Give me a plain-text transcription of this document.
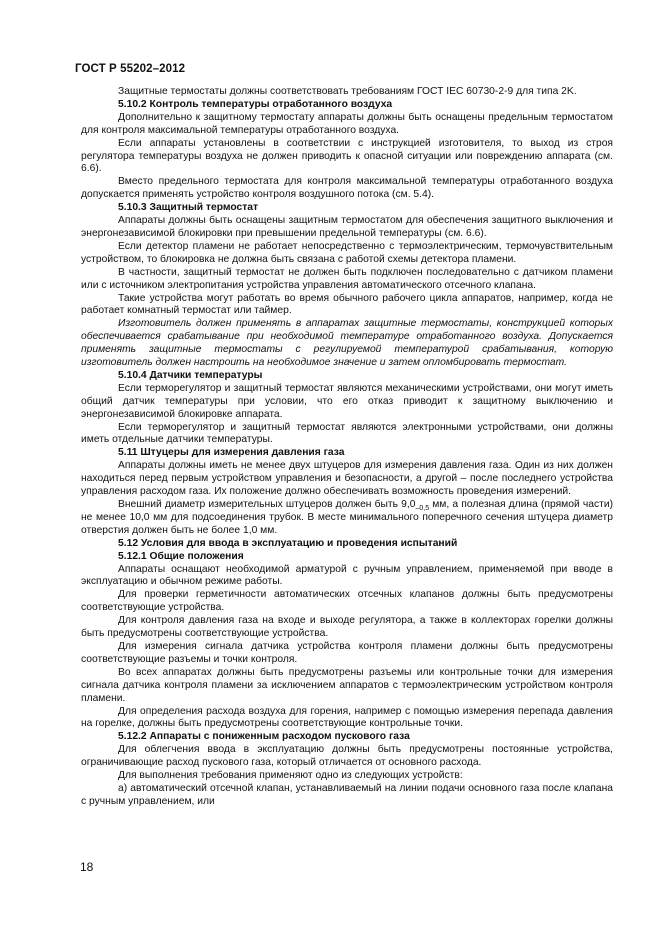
ГОСТ Р 55202–2012

Защитные термостаты должны соответствовать требованиям ГОСТ IEC 60730-2-9 для типа 2K.

5.10.2 Контроль температуры отработанного воздуха

Дополнительно к защитному термостату аппараты должны быть оснащены предельным термостатом для контроля максимальной температуры отработанного воздуха.

Если аппараты установлены в соответствии с инструкцией изготовителя, то выход из строя регулятора температуры воздуха не должен приводить к опасной ситуации или повреждению аппарата (см. 6.6).

Вместо предельного термостата для контроля максимальной температуры отработанного воздуха допускается применять устройство контроля воздушного потока (см. 5.4).

5.10.3 Защитный термостат

Аппараты должны быть оснащены защитным термостатом для обеспечения защитного выключения и энергонезависимой блокировки при превышении предельной температуры (см. 6.6).

Если детектор пламени не работает непосредственно с термоэлектрическим, термочувствительным устройством, то блокировка не должна быть связана с работой схемы детектора пламени.

В частности, защитный термостат не должен быть подключен последовательно с датчиком пламени или с источником электропитания устройства управления автоматического отсечного клапана.

Такие устройства могут работать во время обычного рабочего цикла аппаратов, например, когда не работает комнатный термостат или таймер.

Изготовитель должен применять в аппаратах защитные термостаты, конструкцией которых обеспечивается срабатывание при необходимой температуре отработанного воздуха. Допускается применять защитные термостаты с регулируемой температурой срабатывания, которую изготовитель должен настроить на необходимое значение и затем опломбировать термостат.

5.10.4 Датчики температуры

Если терморегулятор и защитный термостат являются механическими устройствами, они могут иметь общий датчик температуры при условии, что его отказ приводит к защитному выключению и энергонезависимой блокировке аппарата.

Если терморегулятор и защитный термостат являются электронными устройствами, они должны иметь отдельные датчики температуры.

5.11 Штуцеры для измерения давления газа

Аппараты должны иметь не менее двух штуцеров для измерения давления газа. Один из них должен находиться перед первым устройством управления и безопасности, а другой – после последнего устройства управления расходом газа. Их положение должно обеспечивать возможность проведения измерений.

Внешний диаметр измерительных штуцеров должен быть $9,0_{-0,5}$ мм, а полезная длина (прямой части) не менее 10,0 мм для подсоединения трубок. В месте минимального поперечного сечения штуцера диаметр отверстия должен быть не более 1,0 мм.

5.12 Условия для ввода в эксплуатацию и проведения испытаний

5.12.1 Общие положения

Аппараты оснащают необходимой арматурой с ручным управлением, применяемой при вводе в эксплуатацию и обычном режиме работы.

Для проверки герметичности автоматических отсечных клапанов должны быть предусмотрены соответствующие устройства.

Для контроля давления газа на входе и выходе регулятора, а также в коллекторах горелки должны быть предусмотрены соответствующие устройства.

Для измерения сигнала датчика устройства контроля пламени должны быть предусмотрены соответствующие разъемы и точки контроля.

Во всех аппаратах должны быть предусмотрены разъемы или контрольные точки для измерения сигнала датчика контроля пламени за исключением аппаратов с термоэлектрическим устройством контроля пламени.

Для определения расхода воздуха для горения, например с помощью измерения перепада давления на горелке, должны быть предусмотрены соответствующие контрольные точки.

5.12.2 Аппараты с пониженным расходом пускового газа

Для облегчения ввода в эксплуатацию должны быть предусмотрены постоянные устройства, ограничивающие расход пускового газа, который отличается от основного расхода.

Для выполнения требования применяют одно из следующих устройств:

а) автоматический отсечной клапан, устанавливаемый на линии подачи основного газа после клапана с ручным управлением, или

18
